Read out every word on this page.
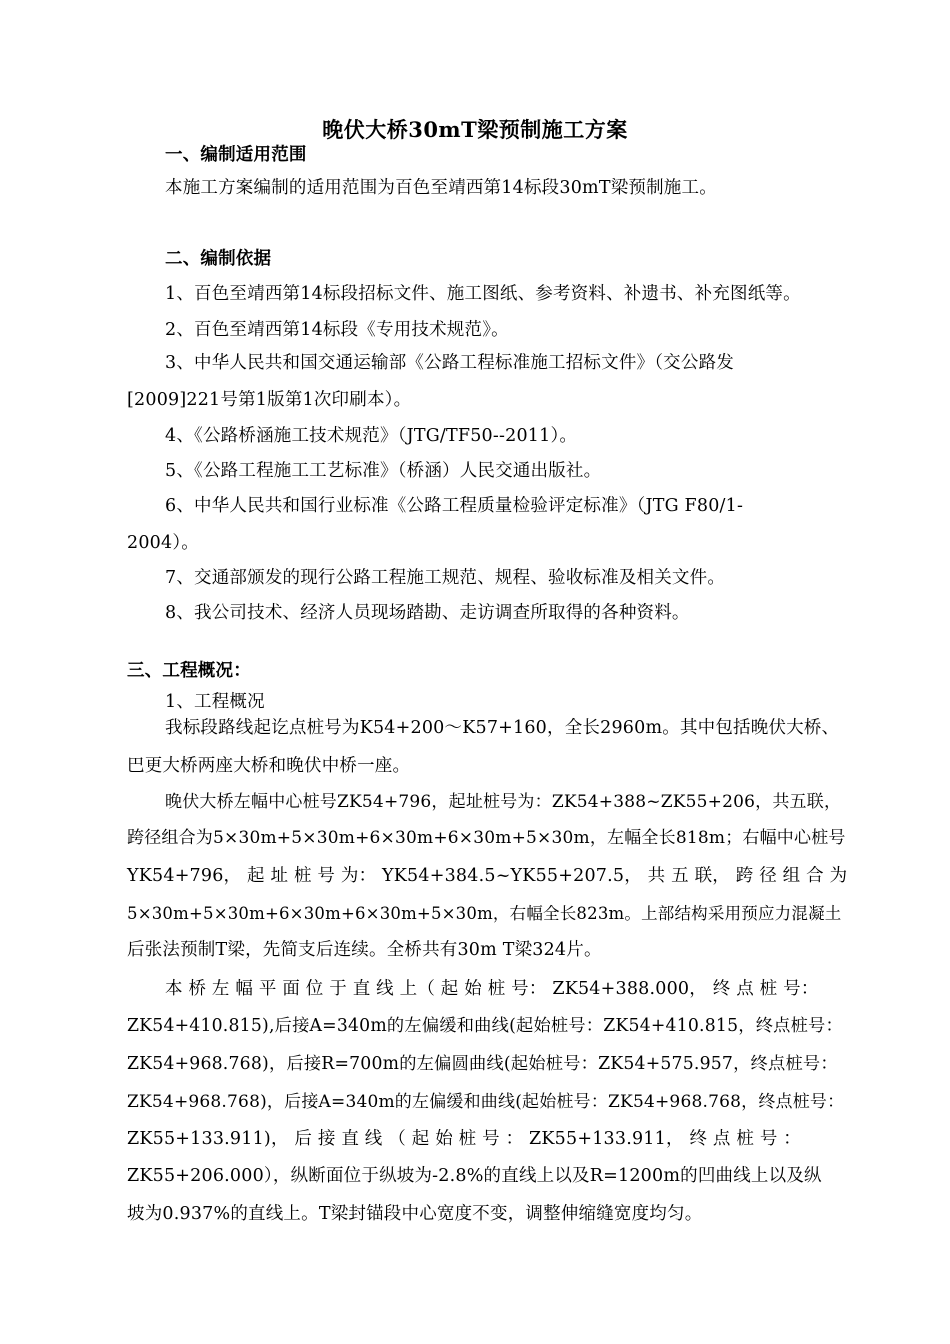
晚伏大桥30mT梁预制施工方案
一、编制适用范围
本施工方案编制的适用范围为百色至靖西第14标段30mT梁预制施工。
二、编制依据
1、百色至靖西第14标段招标文件、施工图纸、参考资料、补遗书、补充图纸等。
2、百色至靖西第14标段《专用技术规范》。
3、中华人民共和国交通运输部《公路工程标准施工招标文件》（交公路发
[2009]221号第1版第1次印刷本）。
4、《公路桥涵施工技术规范》（JTG/TF50--2011）。
5、《公路工程施工工艺标准》（桥涵）人民交通出版社。
6、中华人民共和国行业标准《公路工程质量检验评定标准》（JTG F80/1-
2004）。
7、交通部颁发的现行公路工程施工规范、规程、验收标准及相关文件。
8、我公司技术、经济人员现场踏勘、走访调查所取得的各种资料。
三、工程概况：
1、工程概况
我标段路线起讫点桩号为K54+200～K57+160，全长2960m。其中包括晚伏大桥、
巴更大桥两座大桥和晚伏中桥一座。
晚伏大桥左幅中心桩号ZK54+796，起址桩号为：ZK54+388~ZK55+206，共五联，
跨径组合为5×30m+5×30m+6×30m+6×30m+5×30m，左幅全长818m；右幅中心桩号
YK54+796， 起 址 桩 号 为： YK54+384.5~YK55+207.5， 共 五 联， 跨 径 组 合 为
5×30m+5×30m+6×30m+6×30m+5×30m，右幅全长823m。上部结构采用预应力混凝土
后张法预制T梁，先简支后连续。全桥共有30m T梁324片。
本 桥 左 幅 平 面 位 于 直 线 上（ 起 始 桩 号： ZK54+388.000， 终 点 桩 号：
ZK54+410.815),后接A=340m的左偏缓和曲线(起始桩号：ZK54+410.815，终点桩号：
ZK54+968.768)，后接R=700m的左偏圆曲线(起始桩号：ZK54+575.957，终点桩号：
ZK54+968.768)，后接A=340m的左偏缓和曲线(起始桩号：ZK54+968.768，终点桩号：
ZK55+133.911)， 后 接 直 线 （ 起 始 桩 号 ： ZK55+133.911， 终 点 桩 号 ：
ZK55+206.000），纵断面位于纵坡为-2.8%的直线上以及R=1200m的凹曲线上以及纵
坡为0.937%的直线上。T梁封锚段中心宽度不变，调整伸缩缝宽度均匀。
